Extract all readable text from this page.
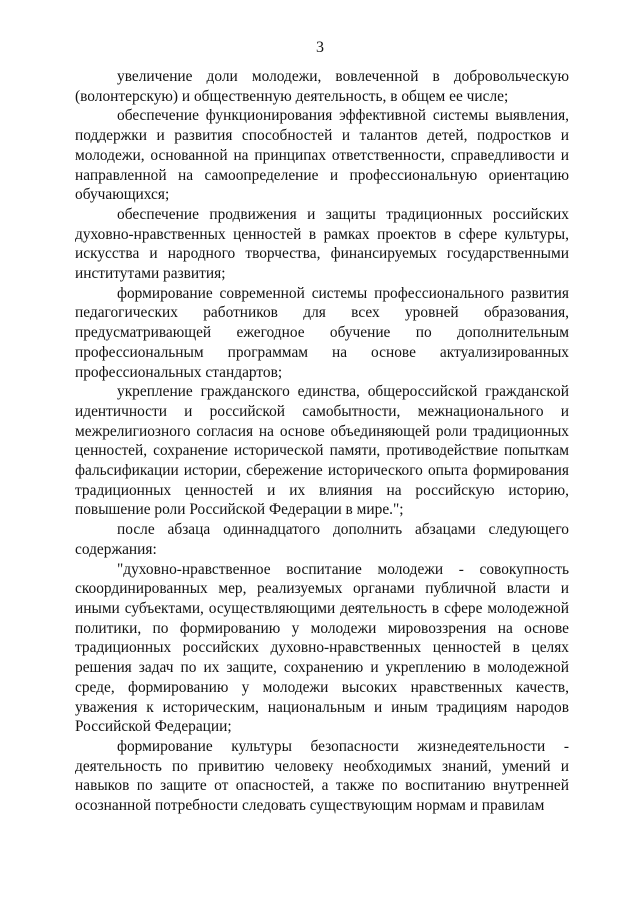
3

увеличение доли молодежи, вовлеченной в добровольческую (волонтерскую) и общественную деятельность, в общем ее числе;

обеспечение функционирования эффективной системы выявления, поддержки и развития способностей и талантов детей, подростков и молодежи, основанной на принципах ответственности, справедливости и направленной на самоопределение и профессиональную ориентацию обучающихся;

обеспечение продвижения и защиты традиционных российских духовно-нравственных ценностей в рамках проектов в сфере культуры, искусства и народного творчества, финансируемых государственными институтами развития;

формирование современной системы профессионального развития педагогических работников для всех уровней образования, предусматривающей ежегодное обучение по дополнительным профессиональным программам на основе актуализированных профессиональных стандартов;

укрепление гражданского единства, общероссийской гражданской идентичности и российской самобытности, межнационального и межрелигиозного согласия на основе объединяющей роли традиционных ценностей, сохранение исторической памяти, противодействие попыткам фальсификации истории, сбережение исторического опыта формирования традиционных ценностей и их влияния на российскую историю, повышение роли Российской Федерации в мире.";

после абзаца одиннадцатого дополнить абзацами следующего содержания:

"духовно-нравственное воспитание молодежи - совокупность скоординированных мер, реализуемых органами публичной власти и иными субъектами, осуществляющими деятельность в сфере молодежной политики, по формированию у молодежи мировоззрения на основе традиционных российских духовно-нравственных ценностей в целях решения задач по их защите, сохранению и укреплению в молодежной среде, формированию у молодежи высоких нравственных качеств, уважения к историческим, национальным и иным традициям народов Российской Федерации;

формирование культуры безопасности жизнедеятельности - деятельность по привитию человеку необходимых знаний, умений и навыков по защите от опасностей, а также по воспитанию внутренней осознанной потребности следовать существующим нормам и правилам
